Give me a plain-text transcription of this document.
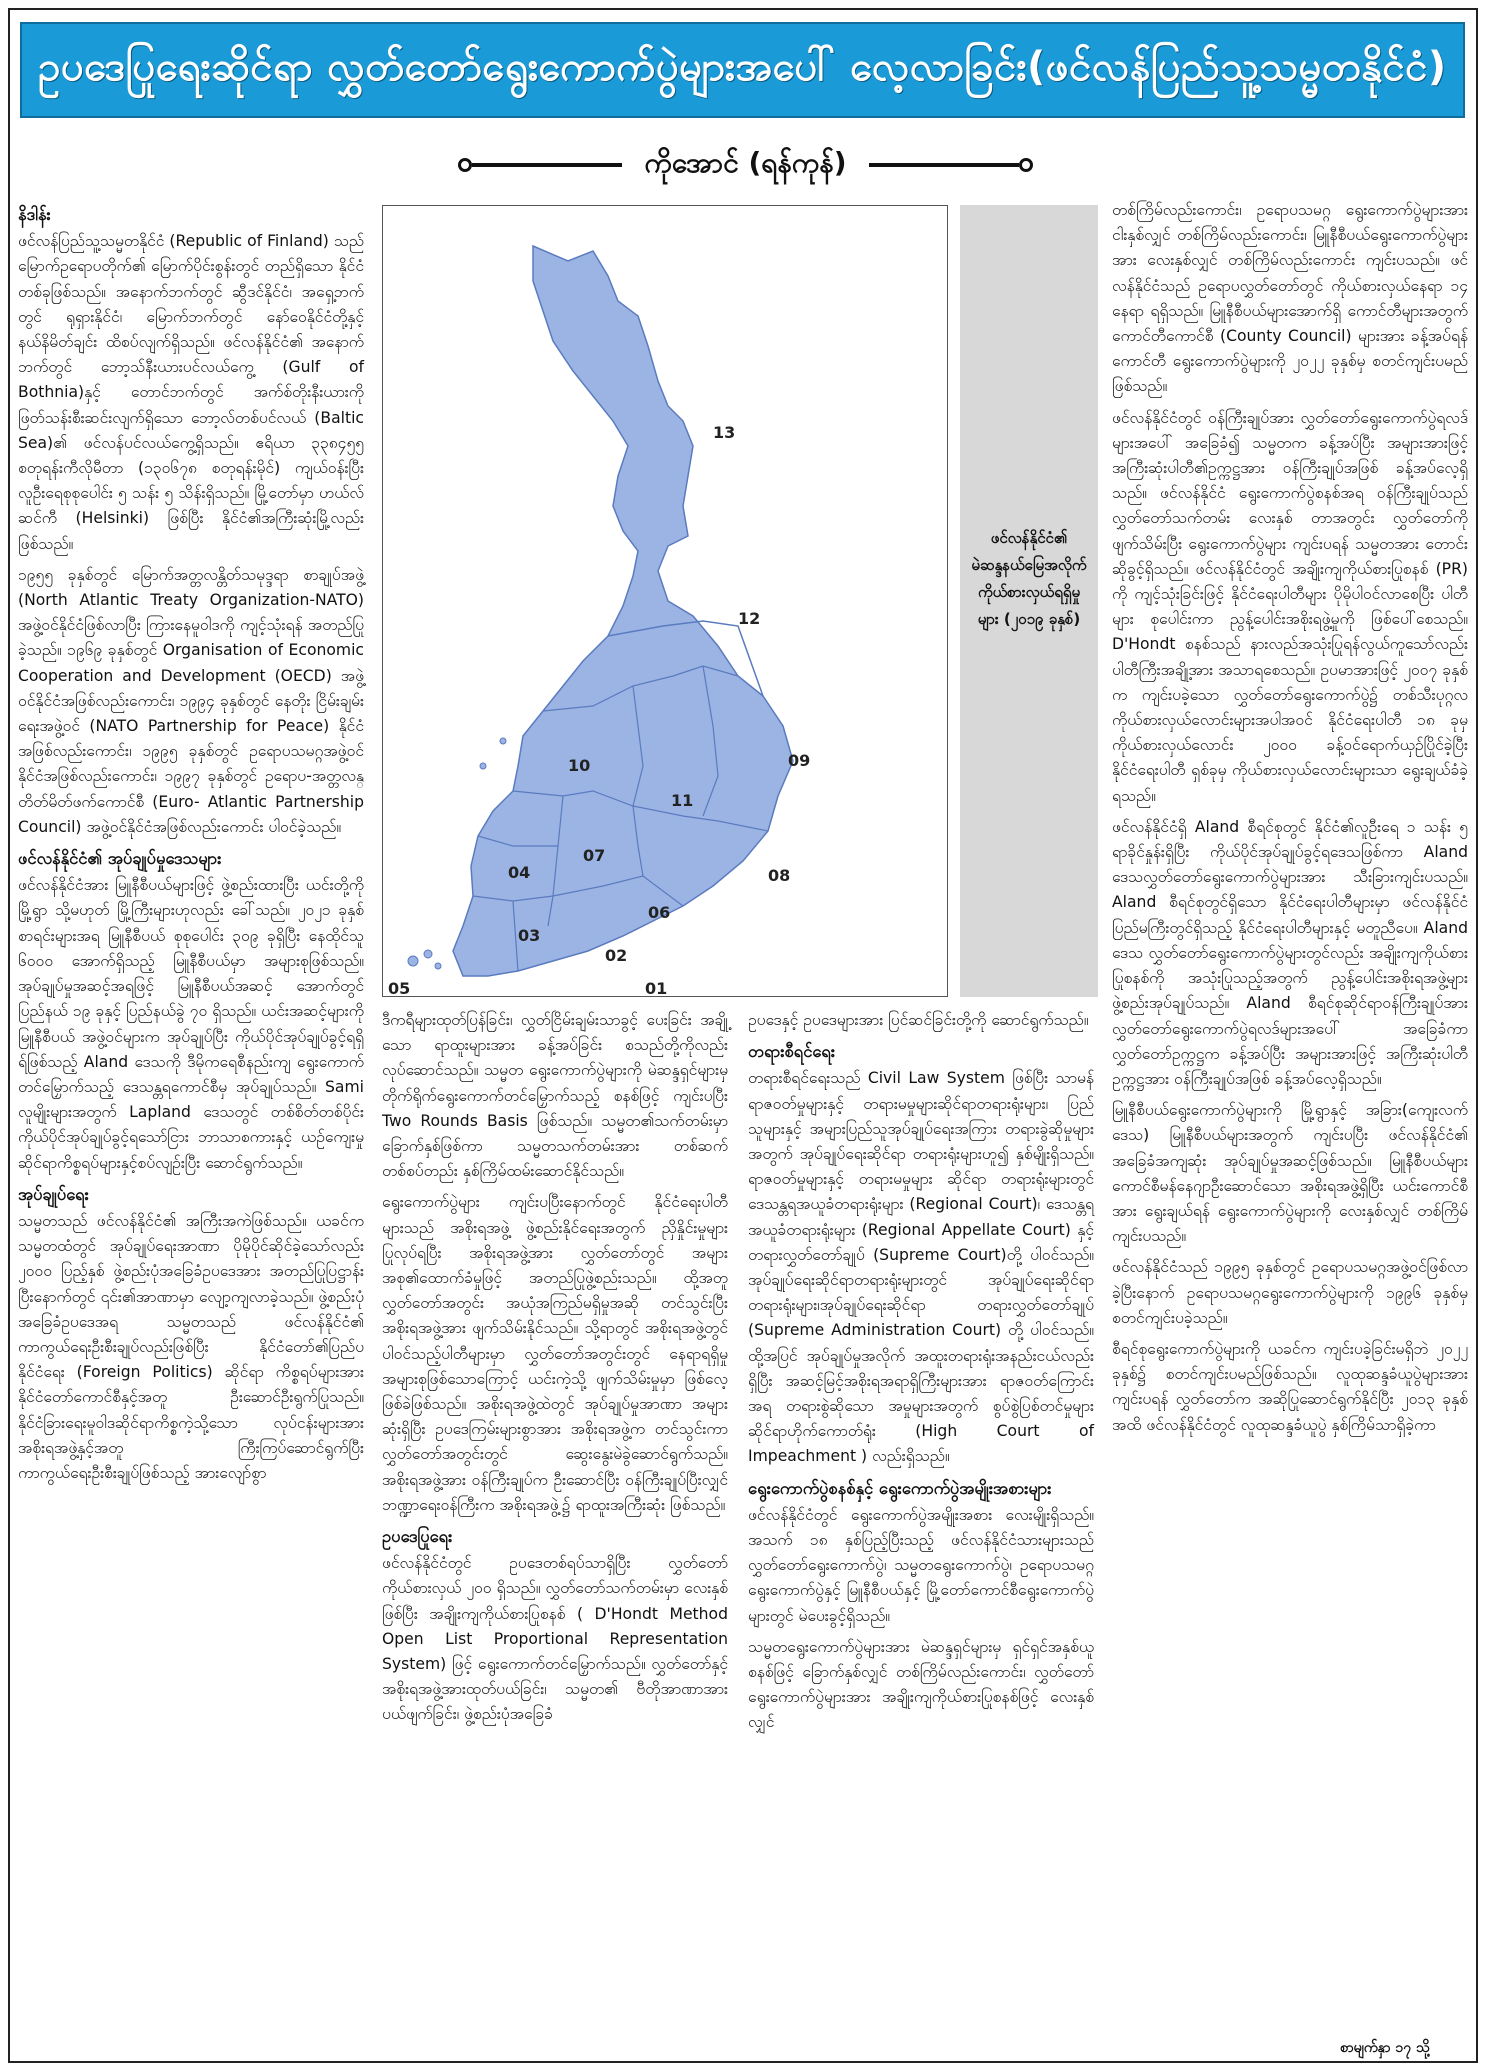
ဥပဒေပြုရေးဆိုင်ရာ လွှတ်တော်ရွေးကောက်ပွဲများအပေါ် လေ့လာခြင်း(ဖင်လန်ပြည်သူ့သမ္မတနိုင်ငံ)
ကိုအောင် (ရန်ကုန်)
နိဒါန်း

ဖင်လန်ပြည်သူ့သမ္မတနိုင်ငံ (Republic of Finland) သည် မြောက်ဥရောပတိုက်၏ မြောက်ပိုင်းစွန်းတွင် တည်ရှိသော နိုင်ငံတစ်ခုဖြစ်သည်။ အနောက်ဘက်တွင် ဆွီဒင်နိုင်ငံ၊ အရှေ့ဘက်တွင် ရုရှားနိုင်ငံ၊ မြောက်ဘက်တွင် နော်ဝေနိုင်ငံတို့နှင့် နယ်နိမိတ်ချင်း ထိစပ်လျက်ရှိသည်။ ဖင်လန်နိုင်ငံ၏ အနောက်ဘက်တွင် ဘော့သ်နီးယားပင်လယ်ကွေ့ (Gulf of Bothnia)နှင့် တောင်ဘက်တွင် အက်စ်တိုးနီးယားကို ဖြတ်သန်းစီးဆင်းလျက်ရှိသော ဘော့လ်တစ်ပင်လယ် (Baltic Sea)၏ ဖင်လန်ပင်လယ်ကွေ့ရှိသည်။ ဧရိယာ ၃၃၈၄၅၅ စတုရန်းကီလိုမီတာ (၁၃၀၆၇၈ စတုရန်းမိုင်) ကျယ်ဝန်းပြီး လူဦးရေစုစုပေါင်း ၅ သန်း ၅ သိန်းရှိသည်။ မြို့တော်မှာ ဟယ်လ်ဆင်ကီ (Helsinki) ဖြစ်ပြီး နိုင်ငံ၏အကြီးဆုံးမြို့လည်းဖြစ်သည်။

၁၉၅၅ ခုနှစ်တွင် မြောက်အတ္တလန္တိတ်သမုဒ္ဒရာ စာချုပ်အဖွဲ့ (North Atlantic Treaty Organization-NATO) အဖွဲ့ဝင်နိုင်ငံဖြစ်လာပြီး ကြားနေမူဝါဒကို ကျင့်သုံးရန် အတည်ပြုခဲ့သည်။ ၁၉၆၉ ခုနှစ်တွင် Organisation of Economic Cooperation and Development (OECD) အဖွဲ့ဝင်နိုင်ငံအဖြစ်လည်းကောင်း၊ ၁၉၉၄ ခုနှစ်တွင် နေတိုး ငြိမ်းချမ်းရေးအဖွဲ့ဝင် (NATO Partnership for Peace) နိုင်ငံအဖြစ်လည်းကောင်း၊ ၁၉၉၅ ခုနှစ်တွင် ဥရောပသမဂ္ဂအဖွဲ့ဝင်နိုင်ငံအဖြစ်လည်းကောင်း၊ ၁၉၉၇ ခုနှစ်တွင် ဥရောပ-အတ္တလန္တိတ်မိတ်ဖက်ကောင်စီ (Euro- Atlantic Partnership Council) အဖွဲ့ဝင်နိုင်ငံအဖြစ်လည်းကောင်း ပါဝင်ခဲ့သည်။

ဖင်လန်နိုင်ငံ၏ အုပ်ချုပ်မှုဒေသများ

ဖင်လန်နိုင်ငံအား မြူနီစီပယ်များဖြင့် ဖွဲ့စည်းထားပြီး ယင်းတို့ကို မြို့ရွာ သို့မဟုတ် မြို့ကြီးများဟုလည်း ခေါ်သည်။ ၂၀၂၁ ခုနှစ်စာရင်းများအရ မြူနီစီပယ် စုစုပေါင်း ၃၀၉ ခုရှိပြီး နေထိုင်သူ ၆၀၀၀ အောက်ရှိသည့် မြူနီစီပယ်မှာ အများစုဖြစ်သည်။ အုပ်ချုပ်မှုအဆင့်အရဖြင့် မြူနီစီပယ်အဆင့် အောက်တွင် ပြည်နယ် ၁၉ ခုနှင့် ပြည်နယ်ခွဲ ၇၀ ရှိသည်။ ယင်းအဆင့်များကို မြူနီစီပယ် အဖွဲ့ဝင်များက အုပ်ချုပ်ပြီး ကိုယ်ပိုင်အုပ်ချုပ်ခွင့်ရရှိရ်ဖြစ်သည့် Aland ဒေသကို ဒီမိုကရေစီနည်းကျ ရွေးကောက်တင်မြှောက်သည့် ဒေသန္တရကောင်စီမှ အုပ်ချုပ်သည်။ Sami လူမျိုးများအတွက် Lapland ဒေသတွင် တစ်စိတ်တစ်ပိုင်းကိုယ်ပိုင်အုပ်ချုပ်ခွင့်ရသော်ငြား ဘာသာစကားနှင့် ယဉ်ကျေးမှုဆိုင်ရာကိစ္စရပ်များနှင့်စပ်လျဉ်းပြီး ဆောင်ရွက်သည်။

အုပ်ချုပ်ရေး

သမ္မတသည် ဖင်လန်နိုင်ငံ၏ အကြီးအကဲဖြစ်သည်။ ယခင်က သမ္မတထံတွင် အုပ်ချုပ်ရေးအာဏာ ပိုမိုပိုင်ဆိုင်ခဲ့သော်လည်း ၂၀၀၀ ပြည့်နှစ် ဖွဲ့စည်းပုံအခြေခံဥပဒေအား အတည်ပြုပြဋ္ဌာန်းပြီးနောက်တွင် ၎င်း၏အာဏာမှာ လျော့ကျလာခဲ့သည်။ ဖွဲ့စည်းပုံအခြေခံဥပဒေအရ သမ္မတသည် ဖင်လန်နိုင်ငံ၏ ကာကွယ်ရေးဦးစီးချုပ်လည်းဖြစ်ပြီး နိုင်ငံတော်၏ပြည်ပနိုင်ငံရေး (Foreign Politics) ဆိုင်ရာ ကိစ္စရပ်များအား နိုင်ငံတော်ကောင်စီနှင့်အတူ ဦးဆောင်ဦးရွက်ပြုသည်။ နိုင်ငံခြားရေးမူဝါဒဆိုင်ရာကိစ္စကဲ့သို့သော လုပ်ငန်းများအား အစိုးရအဖွဲ့နှင့်အတူ ကြီးကြပ်ဆောင်ရွက်ပြီး ကာကွယ်ရေးဦးစီးချုပ်ဖြစ်သည့် အားလျော်စွာ

13
12
09
10
11
07
04	08
06
03
02
01
05
ဖင်လန်နိုင်ငံ၏ မဲဆန္ဒနယ်မြေအလိုက် ကိုယ်စားလှယ်ရရှိမှုများ (၂၀၁၉ ခုနှစ်)

ဒီကရီများထုတ်ပြန်ခြင်း၊ လွှတ်ငြိမ်းချမ်းသာခွင့် ပေးခြင်း အချို့သော ရာထူးများအား ခန့်အပ်ခြင်း စသည်တို့ကိုလည်း လုပ်ဆောင်သည်။ သမ္မတ ရွေးကောက်ပွဲများကို မဲဆန္ဒရှင်များမှ တိုက်ရိုက်ရွေးကောက်တင်မြှောက်သည့် စနစ်ဖြင့် ကျင်းပပြီး Two Rounds Basis ဖြစ်သည်။ သမ္မတ၏သက်တမ်းမှာ ခြောက်နှစ်ဖြစ်ကာ သမ္မတသက်တမ်းအား တစ်ဆက်တစ်စပ်တည်း နှစ်ကြိမ်ထမ်းဆောင်နိုင်သည်။

ရွေးကောက်ပွဲများ ကျင်းပပြီးနောက်တွင် နိုင်ငံရေးပါတီများသည် အစိုးရအဖွဲ့ ဖွဲ့စည်းနိုင်ရေးအတွက် ညှိနှိုင်းမှုများပြုလုပ်ရပြီး အစိုးရအဖွဲ့အား လွှတ်တော်တွင် အများအစု၏ထောက်ခံမှုဖြင့် အတည်ပြုဖွဲ့စည်းသည်။ ထို့အတူ လွှတ်တော်အတွင်း အယုံအကြည်မရှိမှုအဆို တင်သွင်းပြီး အစိုးရအဖွဲ့အား ဖျက်သိမ်းနိုင်သည်။ သို့ရာတွင် အစိုးရအဖွဲ့တွင် ပါဝင်သည့်ပါတီများမှာ လွှတ်တော်အတွင်းတွင် နေရာရရှိမှု အများစုဖြစ်သောကြောင့် ယင်းကဲ့သို့ ဖျက်သိမ်းမှုမှာ ဖြစ်လေ့ဖြစ်ခဲဖြစ်သည်။ အစိုးရအဖွဲ့ထဲတွင် အုပ်ချုပ်မှုအာဏာ အများဆုံးရှိပြီး ဥပဒေကြမ်းများစွာအား အစိုးရအဖွဲ့က တင်သွင်းကာ လွှတ်တော်အတွင်းတွင် ဆွေးနွေးမဲခွဲဆောင်ရွက်သည်။ အစိုးရအဖွဲ့အား ဝန်ကြီးချုပ်က ဦးဆောင်ပြီး ဝန်ကြီးချုပ်ပြီးလျှင် ဘဏ္ဍာရေးဝန်ကြီးက အစိုးရအဖွဲ့၌ ရာထူးအကြီးဆုံး ဖြစ်သည်။

ဥပဒေပြုရေး

ဖင်လန်နိုင်ငံတွင် ဥပဒေတစ်ရပ်သာရှိပြီး လွှတ်တော်ကိုယ်စားလှယ် ၂၀၀ ရှိသည်။ လွှတ်တော်သက်တမ်းမှာ လေးနှစ်ဖြစ်ပြီး အချိုးကျကိုယ်စားပြုစနစ် ( D'Hondt Method Open List Proportional Representation System) ဖြင့် ရွေးကောက်တင်မြှောက်သည်။ လွှတ်တော်နှင့် အစိုးရအဖွဲ့အားထုတ်ပယ်ခြင်း၊ သမ္မတ၏ ဗီတိုအာဏာအား ပယ်ဖျက်ခြင်း၊ ဖွဲ့စည်းပုံအခြေခံ

ဥပဒေနှင့် ဥပဒေများအား ပြင်ဆင်ခြင်းတို့ကို ဆောင်ရွက်သည်။

တရားစီရင်ရေး

တရားစီရင်ရေးသည် Civil Law System ဖြစ်ပြီး သာမန်ရာဇဝတ်မှုများနှင့် တရားမမှုများဆိုင်ရာတရားရုံးများ၊ ပြည်သူများနှင့် အများပြည်သူအုပ်ချုပ်ရေးအကြား တရားခွဲဆိုမှုများ အတွက် အုပ်ချုပ်ရေးဆိုင်ရာ တရားရုံးများဟူ၍ နှစ်မျိုးရှိသည်။ ရာဇဝတ်မှုများနှင့် တရားမမှုများ ဆိုင်ရာ တရားရုံးများတွင် ဒေသန္တရအယူခံတရားရုံးများ (Regional Court)၊ ဒေသန္တရအယူခံတရားရုံးများ (Regional Appellate Court) နှင့် တရားလွှတ်တော်ချုပ် (Supreme Court)တို့ ပါဝင်သည်။ အုပ်ချုပ်ရေးဆိုင်ရာတရားရုံးများတွင် အုပ်ချုပ်ရေးဆိုင်ရာ တရားရုံးများ၊အုပ်ချုပ်ရေးဆိုင်ရာ တရားလွှတ်တော်ချုပ် (Supreme Administration Court) တို့ ပါဝင်သည်။ ထို့အပြင် အုပ်ချုပ်မှုအလိုက် အထူးတရားရုံးအနည်းငယ်လည်းရှိပြီး အဆင့်မြင့်အစိုးရအရာရှိကြီးများအား ရာဇဝတ်ကြောင်းအရ တရားစွဲဆိုသော အမှုများအတွက် စွပ်စွဲပြစ်တင်မှုများဆိုင်ရာဟိုက်ကောတ်ရုံး (High Court of Impeachment ) လည်းရှိသည်။

ရွေးကောက်ပွဲစနစ်နှင့် ရွေးကောက်ပွဲအမျိုးအစားများ

ဖင်လန်နိုင်ငံတွင် ရွေးကောက်ပွဲအမျိုးအစား လေးမျိုးရှိသည်။ အသက် ၁၈ နှစ်ပြည့်ပြီးသည့် ဖင်လန်နိုင်ငံသားများသည် လွှတ်တော်ရွေးကောက်ပွဲ၊ သမ္မတရွေးကောက်ပွဲ၊ ဥရောပသမဂ္ဂရွေးကောက်ပွဲနှင့် မြူနီစီပယ်နှင့် မြို့တော်ကောင်စီရွေးကောက်ပွဲများတွင် မဲပေးခွင့်ရှိသည်။

သမ္မတရွေးကောက်ပွဲများအား မဲဆန္ဒရှင်များမှ ရှင်ရှင်အနှစ်ယူစနစ်ဖြင့် ခြောက်နှစ်လျှင် တစ်ကြိမ်လည်းကောင်း၊ လွှတ်တော်ရွေးကောက်ပွဲများအား အချိုးကျကိုယ်စားပြုစနစ်ဖြင့် လေးနှစ်လျှင်

တစ်ကြိမ်လည်းကောင်း၊ ဥရောပသမဂ္ဂ ရွေးကောက်ပွဲများအား ငါးနှစ်လျှင် တစ်ကြိမ်လည်းကောင်း၊ မြူနီစီပယ်ရွေးကောက်ပွဲများအား လေးနှစ်လျှင် တစ်ကြိမ်လည်းကောင်း ကျင်းပသည်။ ဖင်လန်နိုင်ငံသည် ဥရောပလွှတ်တော်တွင် ကိုယ်စားလှယ်နေရာ ၁၄ နေရာ ရရှိသည်။ မြူနီစီပယ်များအောက်ရှိ ကောင်တီများအတွက် ကောင်တီကောင်စီ (County Council) များအား ခန့်အပ်ရန် ကောင်တီ ရွေးကောက်ပွဲများကို ၂၀၂၂ ခုနှစ်မှ စတင်ကျင်းပမည်ဖြစ်သည်။

ဖင်လန်နိုင်ငံတွင် ဝန်ကြီးချုပ်အား လွှတ်တော်ရွေးကောက်ပွဲရလဒ်များအပေါ် အခြေခံ၍ သမ္မတက ခန့်အပ်ပြီး အများအားဖြင့် အကြီးဆုံးပါတီ၏ဥက္ကဋ္ဌအား ဝန်ကြီးချုပ်အဖြစ် ခန့်အပ်လေ့ရှိသည်။ ဖင်လန်နိုင်ငံ ရွေးကောက်ပွဲစနစ်အရ ဝန်ကြီးချုပ်သည် လွှတ်တော်သက်တမ်း လေးနှစ် တာအတွင်း လွှတ်တော်ကို ဖျက်သိမ်းပြီး ရွေးကောက်ပွဲများ ကျင်းပရန် သမ္မတအား တောင်းဆိုခွင့်ရှိသည်။ ဖင်လန်နိုင်ငံတွင် အချိုးကျကိုယ်စားပြုစနစ် (PR) ကို ကျင့်သုံးခြင်းဖြင့် နိုင်ငံရေးပါတီများ ပိုမိုပါဝင်လာစေပြီး ပါတီများ စုပေါင်းကာ ညွန့်ပေါင်းအစိုးရဖွဲ့မှုကို ဖြစ်ပေါ်စေသည်။ D'Hondt စနစ်သည် နားလည်အသုံးပြုရန်လွယ်ကူသော်လည်း ပါတီကြီးအချို့အား အသာရစေသည်။ ဥပမာအားဖြင့် ၂၀၀၇ ခုနှစ်က ကျင်းပခဲ့သော လွှတ်တော်ရွေးကောက်ပွဲ၌ တစ်သီးပုဂ္ဂလကိုယ်စားလှယ်လောင်းများအပါအဝင် နိုင်ငံရေးပါတီ ၁၈ ခုမှ ကိုယ်စားလှယ်လောင်း ၂၀၀၀ ခန့်ဝင်ရောက်ယှဉ်ပြိုင်ခဲ့ပြီး နိုင်ငံရေးပါတီ ရှစ်ခုမှ ကိုယ်စားလှယ်လောင်းများသာ ရွေးချယ်ခံခဲ့ရသည်။

ဖင်လန်နိုင်ငံရှိ Aland စီရင်စုတွင် နိုင်ငံ၏လူဦးရေ ၁ သန်း ၅ ရာခိုင်နှုန်းရှိပြီး ကိုယ်ပိုင်အုပ်ချုပ်ခွင့်ရဒေသဖြစ်ကာ Aland ဒေသလွှတ်တော်ရွေးကောက်ပွဲများအား သီးခြားကျင်းပသည်။ Aland စီရင်စုတွင်ရှိသော နိုင်ငံရေးပါတီများမှာ ဖင်လန်နိုင်ငံ ပြည်မကြီးတွင်ရှိသည့် နိုင်ငံရေးပါတီများနှင့် မတူညီပေ။ Aland ဒေသ လွှတ်တော်ရွေးကောက်ပွဲများတွင်လည်း အချိုးကျကိုယ်စားပြုစနစ်ကို အသုံးပြုသည့်အတွက် ညွန့်ပေါင်းအစိုးရအဖွဲ့များ ဖွဲ့စည်းအုပ်ချုပ်သည်။ Aland စီရင်စုဆိုင်ရာဝန်ကြီးချုပ်အား လွှတ်တော်ရွေးကောက်ပွဲရလဒ်များအပေါ် အခြေခံကာ လွှတ်တော်ဥက္ကဋ္ဌက ခန့်အပ်ပြီး အများအားဖြင့် အကြီးဆုံးပါတီဥက္ကဋ္ဌအား ဝန်ကြီးချုပ်အဖြစ် ခန့်အပ်လေ့ရှိသည်။

မြူနီစီပယ်ရွေးကောက်ပွဲများကို မြို့ရွာနှင့် အခြား(ကျေးလက်ဒေသ) မြူနီစီပယ်များအတွက် ကျင်းပပြီး ဖင်လန်နိုင်ငံ၏ အခြေခံအကျဆုံး အုပ်ချုပ်မှုအဆင့်ဖြစ်သည်။ မြူနီစီပယ်များ ကောင်စီမန်နေဂျာဦးဆောင်သော အစိုးရအဖွဲ့ရှိပြီး ယင်းကောင်စီအား ရွေးချယ်ရန် ရွေးကောက်ပွဲများကို လေးနှစ်လျှင် တစ်ကြိမ်ကျင်းပသည်။

ဖင်လန်နိုင်ငံသည် ၁၉၉၅ ခုနှစ်တွင် ဥရောပသမဂ္ဂအဖွဲ့ဝင်ဖြစ်လာခဲ့ပြီးနောက် ဥရောပသမဂ္ဂရွေးကောက်ပွဲများကို ၁၉၉၆ ခုနှစ်မှ စတင်ကျင်းပခဲ့သည်။

စီရင်စုရွေးကောက်ပွဲများကို ယခင်က ကျင်းပခဲ့ခြင်းမရှိဘဲ ၂၀၂၂ ခုနှစ်၌ စတင်ကျင်းပမည်ဖြစ်သည်။ လူထုဆန္ဒခံယူပွဲများအား ကျင်းပရန် လွှတ်တော်က အဆိုပြုဆောင်ရွက်နိုင်ပြီး ၂၀၁၃ ခုနှစ်အထိ ဖင်လန်နိုင်ငံတွင် လူထုဆန္ဒခံယူပွဲ နှစ်ကြိမ်သာရှိခဲ့ကာ

စာမျက်နှာ ၁၇ သို့
